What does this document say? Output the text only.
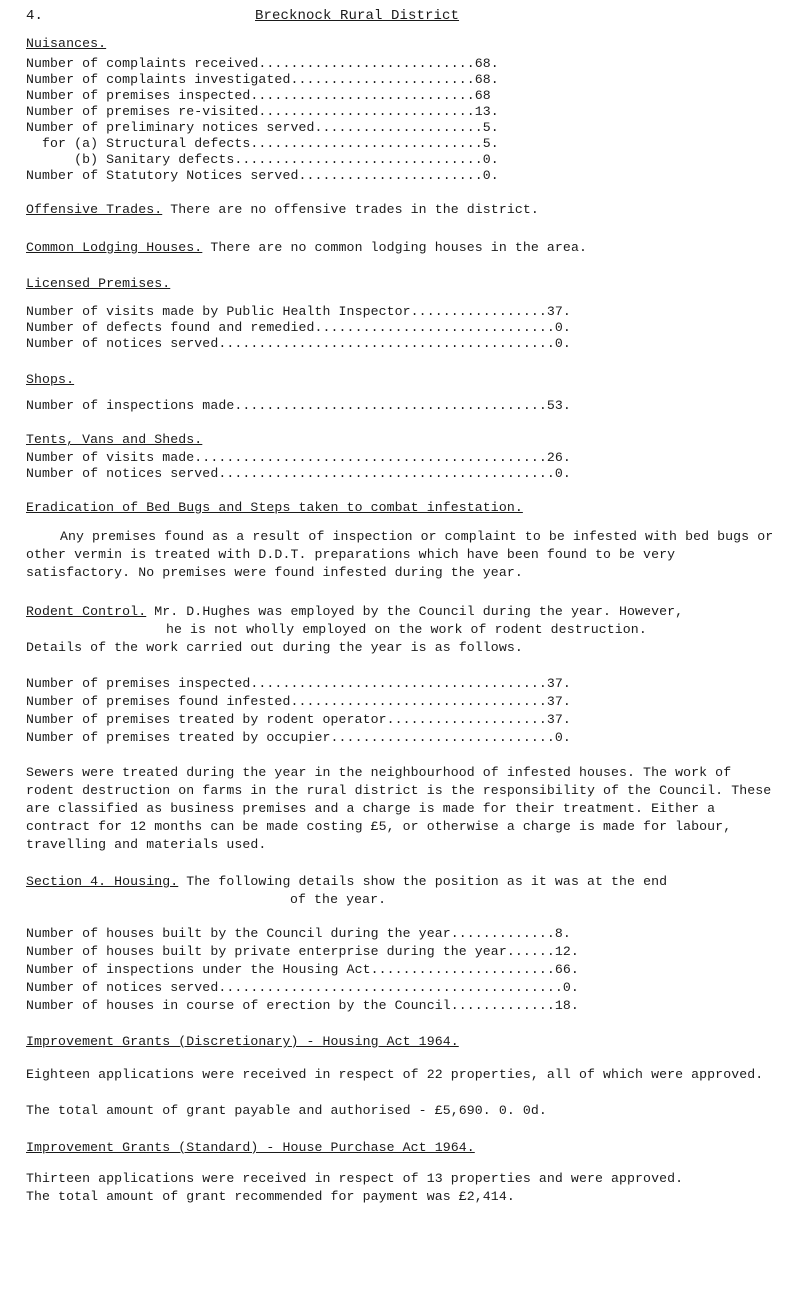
4.	Brecknock Rural District
Nuisances.
Number of complaints received...........................68.
Number of complaints investigated.......................68.
Number of premises inspected............................68
Number of premises re-visited...........................13.
Number of preliminary notices served.....................5.
for (a) Structural defects.............................5.
(b) Sanitary defects...............................0.
Number of Statutory Notices served.......................0.
Offensive Trades. There are no offensive trades in the district.
Common Lodging Houses. There are no common lodging houses in the area.
Licensed Premises.
Number of visits made by Public Health Inspector.................37.
Number of defects found and remedied..............................0.
Number of notices served..........................................0.
Shops.
Number of inspections made.......................................53.
Tents, Vans and Sheds.
Number of visits made............................................26.
Number of notices served..........................................0.
Eradication of Bed Bugs and Steps taken to combat infestation.
Any premises found as a result of inspection or complaint to be infested with bed bugs or other vermin is treated with D.D.T. preparations which have been found to be very satisfactory. No premises were found infested during the year.
Rodent Control. Mr. D.Hughes was employed by the Council during the year. However,
he is not wholly employed on the work of rodent destruction.
Details of the work carried out during the year is as follows.
Number of premises inspected.....................................37.
Number of premises found infested................................37.
Number of premises treated by rodent operator....................37.
Number of premises treated by occupier............................0.
Sewers were treated during the year in the neighbourhood of infested houses. The work of rodent destruction on farms in the rural district is the responsibility of the Council. These are classified as business premises and a charge is made for their treatment. Either a contract for 12 months can be made costing £5, or otherwise a charge is made for labour, travelling and materials used.
Section 4. Housing. The following details show the position as it was at the end
of the year.
Number of houses built by the Council during the year.............8.
Number of houses built by private enterprise during the year......12.
Number of inspections under the Housing Act.......................66.
Number of notices served...........................................0.
Number of houses in course of erection by the Council.............18.
Improvement Grants (Discretionary) - Housing Act 1964.
Eighteen applications were received in respect of 22 properties, all of which were approved.
The total amount of grant payable and authorised - £5,690. 0. 0d.
Improvement Grants (Standard) - House Purchase Act 1964.
Thirteen applications were received in respect of 13 properties and were approved.
The total amount of grant recommended for payment was £2,414.
